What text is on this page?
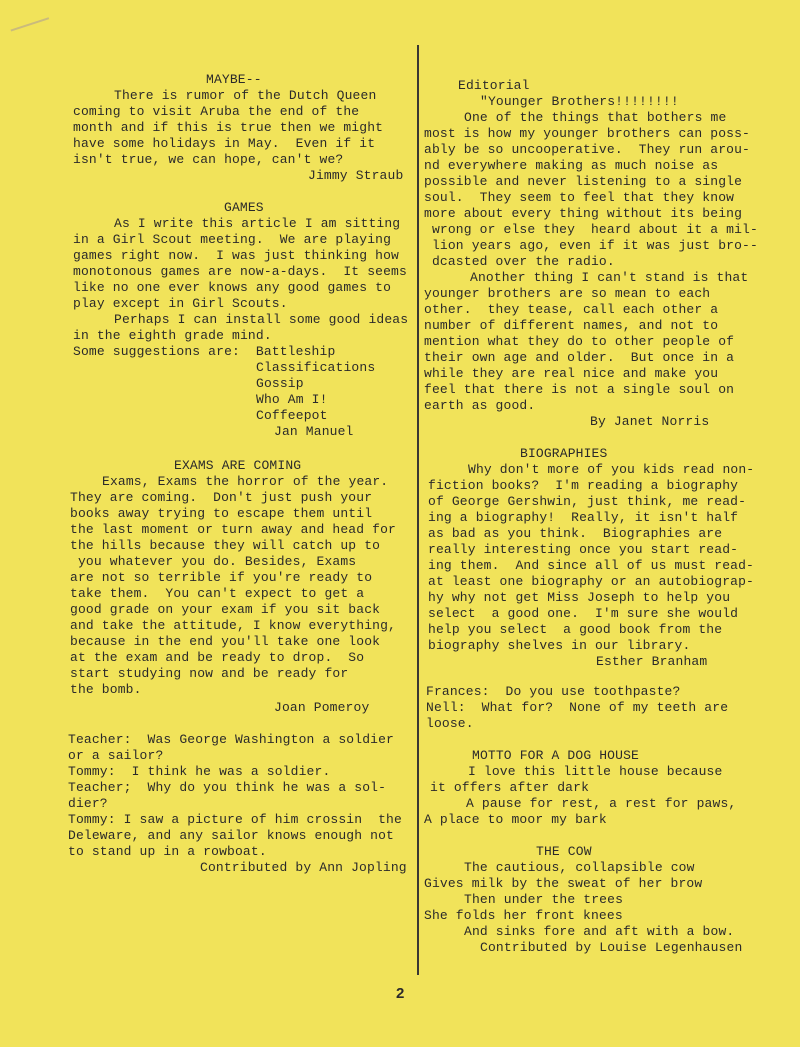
MAYBE--
There is rumor of the Dutch Queen
coming to visit Aruba the end of the
month and if this is true then we might
have some holidays in May.  Even if it
isn't true, we can hope, can't we?
Jimmy Straub
GAMES
As I write this article I am sitting
in a Girl Scout meeting.  We are playing
games right now.  I was just thinking how
monotonous games are now-a-days.  It seems
like no one ever knows any good games to
play except in Girl Scouts.
Perhaps I can install some good ideas
in the eighth grade mind.
Some suggestions are:  Battleship
Classifications
Gossip
Who Am I!
Coffeepot
Jan Manuel
EXAMS ARE COMING
Exams, Exams the horror of the year.
They are coming.  Don't just push your
books away trying to escape them until
the last moment or turn away and head for
the hills because they will catch up to
you whatever you do. Besides, Exams
are not so terrible if you're ready to
take them.  You can't expect to get a
good grade on your exam if you sit back
and take the attitude, I know everything,
because in the end you'll take one look
at the exam and be ready to drop.  So
start studying now and be ready for
the bomb.
Joan Pomeroy
Teacher:  Was George Washington a soldier
or a sailor?
Tommy:  I think he was a soldier.
Teacher;  Why do you think he was a sol-
dier?
Tommy: I saw a picture of him crossin  the
Deleware, and any sailor knows enough not
to stand up in a rowboat.
Contributed by Ann Jopling
Editorial
"Younger Brothers!!!!!!!!
One of the things that bothers me
most is how my younger brothers can poss-
ably be so uncooperative.  They run arou-
nd everywhere making as much noise as
possible and never listening to a single
soul.  They seem to feel that they know
more about every thing without its being
wrong or else they  heard about it a mil-
lion years ago, even if it was just bro--
dcasted over the radio.
Another thing I can't stand is that
younger brothers are so mean to each
other.  they tease, call each other a
number of different names, and not to
mention what they do to other people of
their own age and older.  But once in a
while they are real nice and make you
feel that there is not a single soul on
earth as good.
By Janet Norris
BIOGRAPHIES
Why don't more of you kids read non-
fiction books?  I'm reading a biography
of George Gershwin, just think, me read-
ing a biography!  Really, it isn't half
as bad as you think.  Biographies are
really interesting once you start read-
ing them.  And since all of us must read-
at least one biography or an autobiograp-
hy why not get Miss Joseph to help you
select  a good one.  I'm sure she would
help you select  a good book from the
biography shelves in our library.
Esther Branham
Frances:  Do you use toothpaste?
Nell:  What for?  None of my teeth are
loose.
MOTTO FOR A DOG HOUSE
I love this little house because
it offers after dark
A pause for rest, a rest for paws,
A place to moor my bark
THE COW
The cautious, collapsible cow
Gives milk by the sweat of her brow
Then under the trees
She folds her front knees
And sinks fore and aft with a bow.
Contributed by Louise Legenhausen
2
